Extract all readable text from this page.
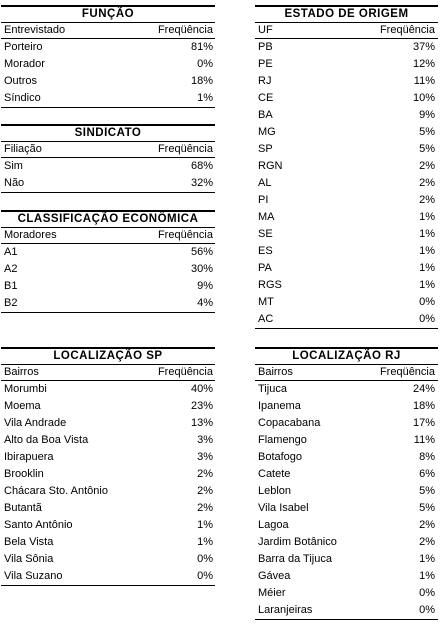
FUNÇÃO
Entrevistado	Freqüência
Porteiro	81%
Morador	0%
Outros	18%
Síndico	1%
SINDICATO
Filiação	Freqüência
Sim	68%
Não	32%
CLASSIFICAÇÃO ECONÔMICA
Moradores	Freqüência
A1	56%
A2	30%
B1	9%
B2	4%
ESTADO DE ORIGEM
UF	Freqüência
PB	37%
PE	12%
RJ	11%
CE	10%
BA	9%
MG	5%
SP	5%
RGN	2%
AL	2%
PI	2%
MA	1%
SE	1%
ES	1%
PA	1%
RGS	1%
MT	0%
AC	0%
LOCALIZAÇÃO SP
Bairros	Freqüência
Morumbi	40%
Moema	23%
Vila Andrade	13%
Alto da Boa Vista	3%
Ibirapuera	3%
Brooklin	2%
Chácara Sto. Antônio	2%
Butantã	2%
Santo Antônio	1%
Bela Vista	1%
Vila Sônia	0%
Vila Suzano	0%
LOCALIZAÇÃO RJ
Bairros	Freqüência
Tijuca	24%
Ipanema	18%
Copacabana	17%
Flamengo	11%
Botafogo	8%
Catete	6%
Leblon	5%
Vila Isabel	5%
Lagoa	2%
Jardim Botânico	2%
Barra da Tijuca	1%
Gávea	1%
Méier	0%
Laranjeiras	0%
